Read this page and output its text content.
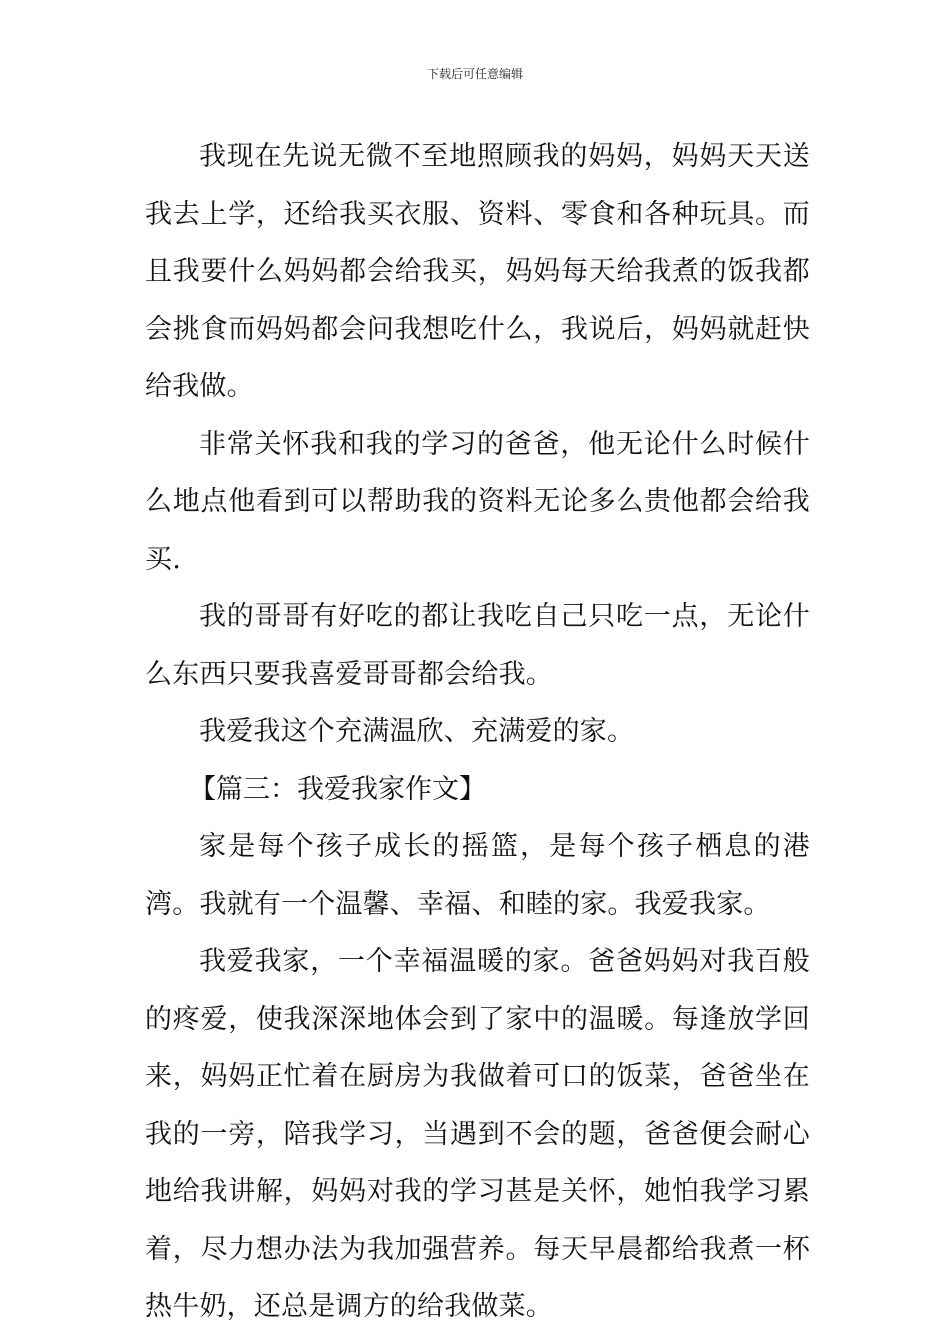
下载后可任意编辑

我现在先说无微不至地照顾我的妈妈，妈妈天天送我去上学，还给我买衣服、资料、零食和各种玩具。而且我要什么妈妈都会给我买，妈妈每天给我煮的饭我都会挑食而妈妈都会问我想吃什么，我说后，妈妈就赶快给我做。

非常关怀我和我的学习的爸爸，他无论什么时候什么地点他看到可以帮助我的资料无论多么贵他都会给我买.

我的哥哥有好吃的都让我吃自己只吃一点，无论什么东西只要我喜爱哥哥都会给我。

我爱我这个充满温欣、充满爱的家。

【篇三：我爱我家作文】

家是每个孩子成长的摇篮，是每个孩子栖息的港湾。我就有一个温馨、幸福、和睦的家。我爱我家。

我爱我家，一个幸福温暖的家。爸爸妈妈对我百般的疼爱，使我深深地体会到了家中的温暖。每逢放学回来，妈妈正忙着在厨房为我做着可口的饭菜，爸爸坐在我的一旁，陪我学习，当遇到不会的题，爸爸便会耐心地给我讲解，妈妈对我的学习甚是关怀，她怕我学习累着，尽力想办法为我加强营养。每天早晨都给我煮一杯热牛奶，还总是调方的给我做菜。
